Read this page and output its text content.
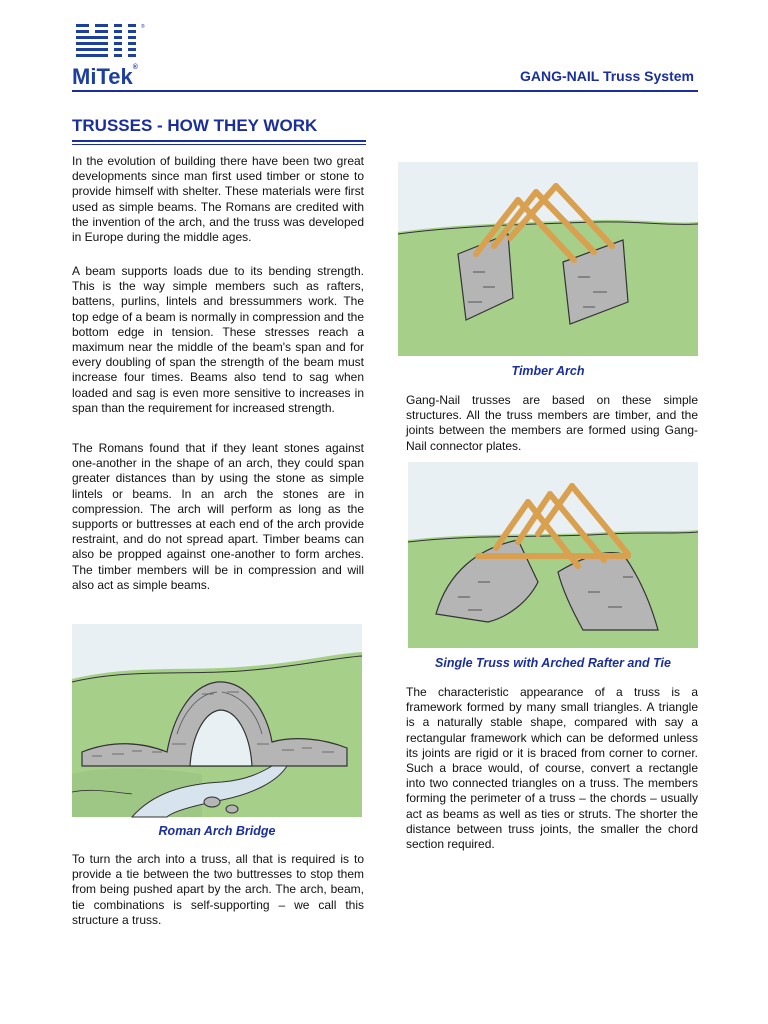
®
MiTek®
GANG-NAIL Truss System
TRUSSES - HOW THEY WORK
In the evolution of building there have been two great developments since man first used timber or stone to provide himself with shelter. These materials were first used as simple beams. The Romans are credited with the invention of the arch, and the truss was developed in Europe during the middle ages.
A beam supports loads due to its bending strength. This is the way simple members such as rafters, battens, purlins, lintels and bressummers work. The top edge of a beam is normally in compression and the bottom edge in tension. These stresses reach a maximum near the middle of the beam's span and for every doubling of span the strength of the beam must increase four times. Beams also tend to sag when loaded and sag is even more sensitive to increases in span than the requirement for increased strength.
The Romans found that if they leant stones against one-another in the shape of an arch, they could span greater distances than by using the stone as simple lintels or beams. In an arch the stones are in compression. The arch will perform as long as the supports or buttresses at each end of the arch provide restraint, and do not spread apart. Timber beams can also be propped against one-another to form arches. The timber members will be in compression and will also act as simple beams.
Roman Arch Bridge
To turn the arch into a truss, all that is required is to provide a tie between the two buttresses to stop them from being pushed apart by the arch. The arch, beam, tie combinations is self-supporting – we call this structure a truss.
Timber Arch
Gang-Nail trusses are based on these simple structures. All the truss members are timber, and the joints between the members are formed using Gang-Nail connector plates.
Single Truss with Arched Rafter and Tie
The characteristic appearance of a truss is a framework formed by many small triangles. A triangle is a naturally stable shape, compared with say a rectangular framework which can be deformed unless its joints are rigid or it is braced from corner to corner. Such a brace would, of course, convert a rectangle into two connected triangles on a truss. The members forming the perimeter of a truss – the chords – usually act as beams as well as ties or struts. The shorter the distance between truss joints, the smaller the chord section required.
